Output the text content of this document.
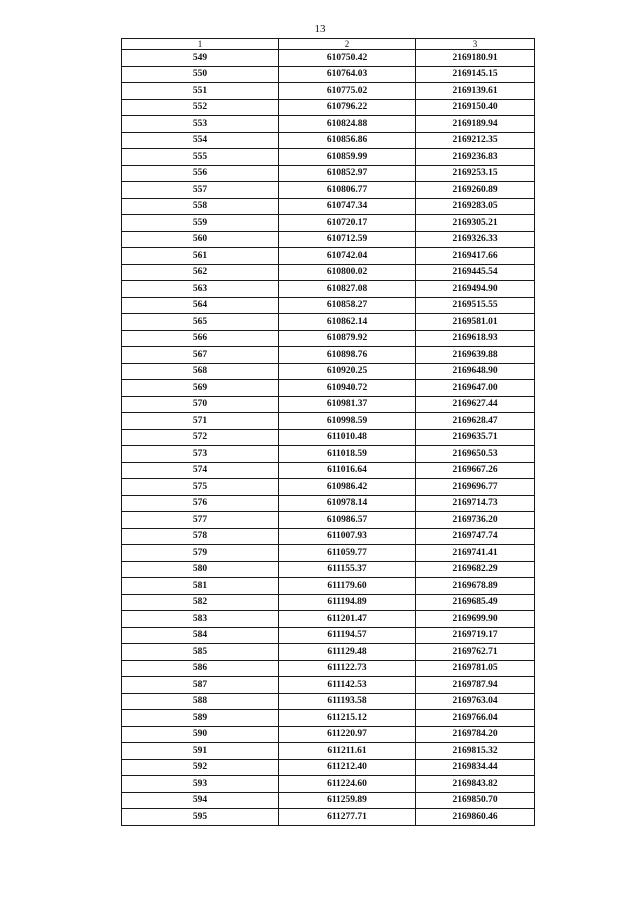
13
1	2	3
549	610750.42	2169180.91
550	610764.03	2169145.15
551	610775.02	2169139.61
552	610796.22	2169150.40
553	610824.88	2169189.94
554	610856.86	2169212.35
555	610859.99	2169236.83
556	610852.97	2169253.15
557	610806.77	2169260.89
558	610747.34	2169283.05
559	610720.17	2169305.21
560	610712.59	2169326.33
561	610742.04	2169417.66
562	610800.02	2169445.54
563	610827.08	2169494.90
564	610858.27	2169515.55
565	610862.14	2169581.01
566	610879.92	2169618.93
567	610898.76	2169639.88
568	610920.25	2169648.90
569	610940.72	2169647.00
570	610981.37	2169627.44
571	610998.59	2169628.47
572	611010.48	2169635.71
573	611018.59	2169650.53
574	611016.64	2169667.26
575	610986.42	2169696.77
576	610978.14	2169714.73
577	610986.57	2169736.20
578	611007.93	2169747.74
579	611059.77	2169741.41
580	611155.37	2169682.29
581	611179.60	2169678.89
582	611194.89	2169685.49
583	611201.47	2169699.90
584	611194.57	2169719.17
585	611129.48	2169762.71
586	611122.73	2169781.05
587	611142.53	2169787.94
588	611193.58	2169763.04
589	611215.12	2169766.04
590	611220.97	2169784.20
591	611211.61	2169815.32
592	611212.40	2169834.44
593	611224.60	2169843.82
594	611259.89	2169850.70
595	611277.71	2169860.46
